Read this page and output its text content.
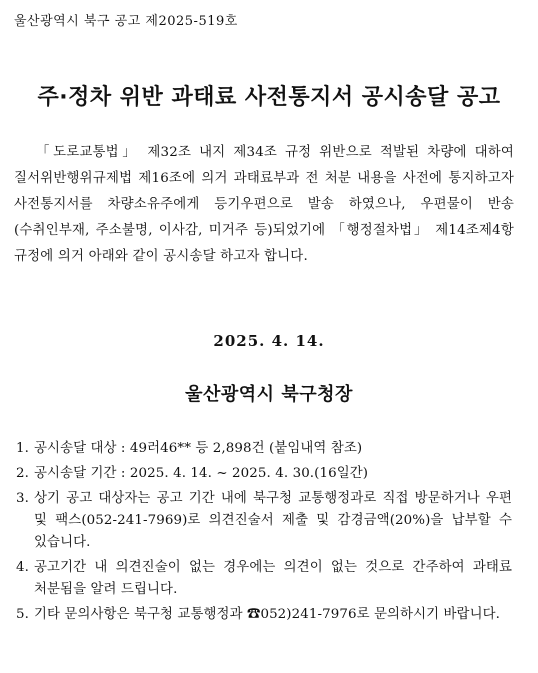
울산광역시 북구 공고 제2025-519호
주·정차 위반 과태료 사전통지서 공시송달 공고

「도로교통법」 제32조 내지 제34조 규정 위반으로 적발된 차량에 대하여 질서위반행위규제법 제16조에 의거 과태료부과 전 처분 내용을 사전에 통지하고자 사전통지서를 차량소유주에게 등기우편으로 발송 하였으나, 우편물이 반송(수취인부재, 주소불명, 이사감, 미거주 등)되었기에 「행정절차법」 제14조제4항 규정에 의거 아래와 같이 공시송달 하고자 합니다.

2025. 4. 14.
울산광역시 북구청장
1. 공시송달 대상 : 49러46** 등 2,898건 (붙임내역 참조)
2. 공시송달 기간 : 2025. 4. 14. ~ 2025. 4. 30.(16일간)
3. 상기 공고 대상자는 공고 기간 내에 북구청 교통행정과로 직접 방문하거나 우편 및 팩스(052-241-7969)로 의견진술서 제출 및 감경금액(20%)을 납부할 수 있습니다.
4. 공고기간 내 의견진술이 없는 경우에는 의견이 없는 것으로 간주하여 과태료 처분됨을 알려 드립니다.
5. 기타 문의사항은 북구청 교통행정과 ☎052)241-7976로 문의하시기 바랍니다.
